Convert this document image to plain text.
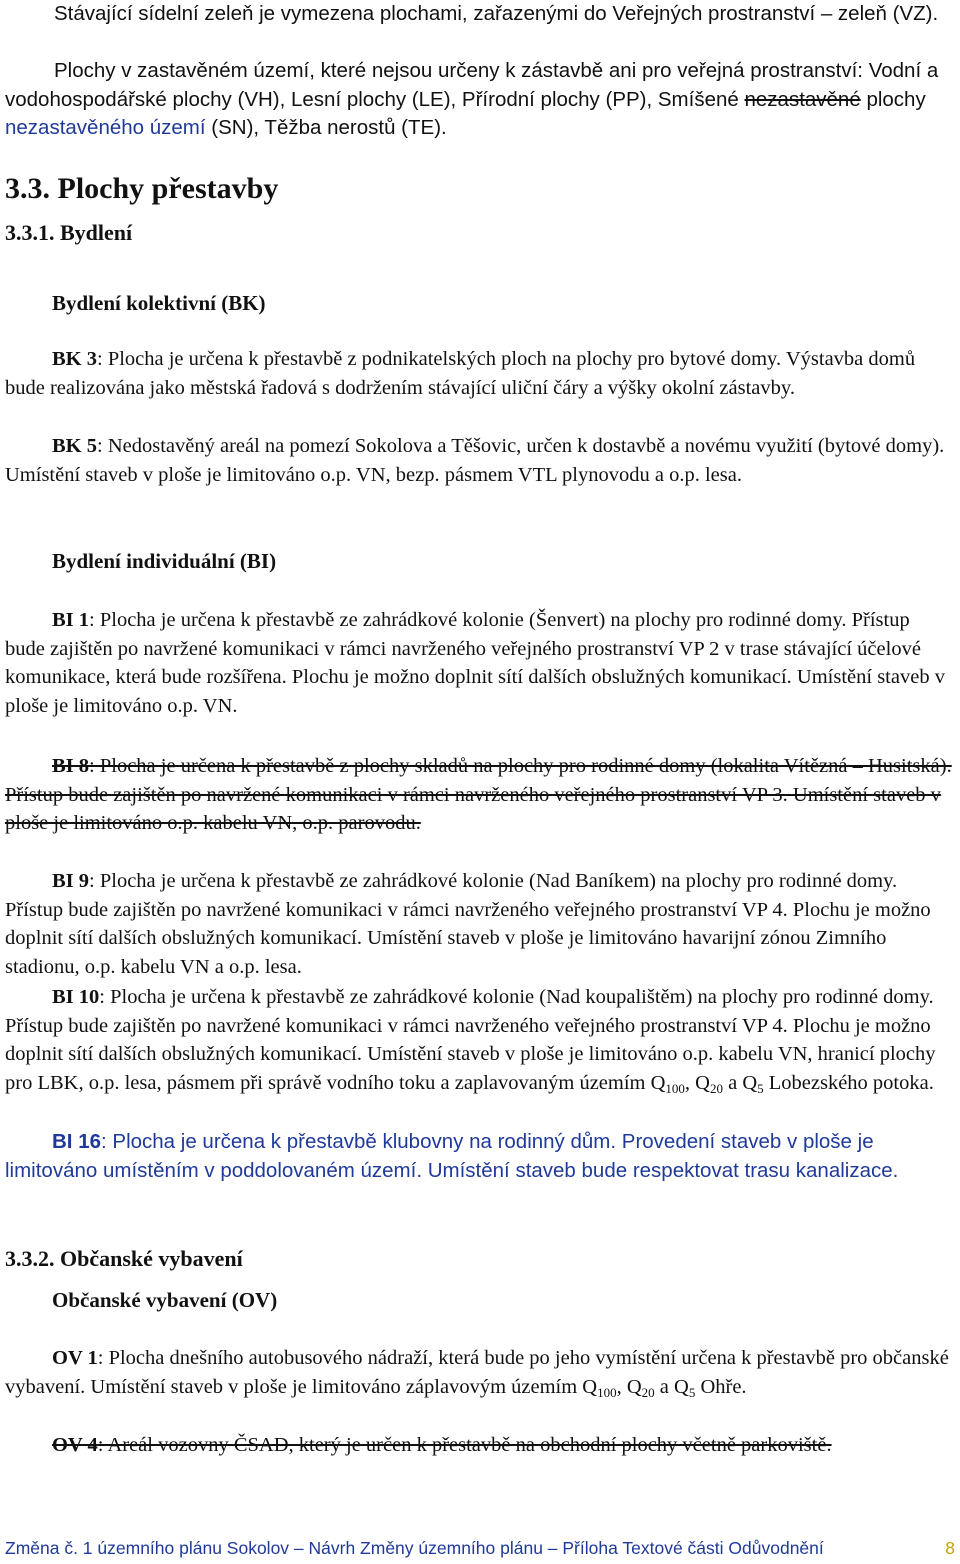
Stávající sídelní zeleň je vymezena plochami, zařazenými do Veřejných prostranství – zeleň (VZ).

Plochy v zastavěném území, které nejsou určeny k zástavbě ani pro veřejná prostranství: Vodní a vodohospodářské plochy (VH), Lesní plochy (LE), Přírodní plochy (PP), Smíšené nezastavěné plochy nezastavěného území (SN), Těžba nerostů (TE).

3.3. Plochy přestavby
3.3.1. Bydlení
Bydlení kolektivní (BK)

BK 3: Plocha je určena k přestavbě z podnikatelských ploch na plochy pro bytové domy. Výstavba domů bude realizována jako městská řadová s dodržením stávající uliční čáry a výšky okolní zástavby.

BK 5: Nedostavěný areál na pomezí Sokolova a Těšovic, určen k dostavbě a novému využití (bytové domy). Umístění staveb v ploše je limitováno o.p. VN, bezp. pásmem VTL plynovodu a o.p. lesa.

Bydlení individuální (BI)

BI 1: Plocha je určena k přestavbě ze zahrádkové kolonie (Šenvert) na plochy pro rodinné domy. Přístup bude zajištěn po navržené komunikaci v rámci navrženého veřejného prostranství VP 2 v trase stávající účelové komunikace, která bude rozšířena. Plochu je možno doplnit sítí dalších obslužných komunikací. Umístění staveb v ploše je limitováno o.p. VN.

BI 8: Plocha je určena k přestavbě z plochy skladů na plochy pro rodinné domy (lokalita Vítězná – Husitská). Přístup bude zajištěn po navržené komunikaci v rámci navrženého veřejného prostranství VP 3. Umístění staveb v ploše je limitováno o.p. kabelu VN, o.p. parovodu.

BI 9: Plocha je určena k přestavbě ze zahrádkové kolonie (Nad Baníkem) na plochy pro rodinné domy. Přístup bude zajištěn po navržené komunikaci v rámci navrženého veřejného prostranství VP 4. Plochu je možno doplnit sítí dalších obslužných komunikací. Umístění staveb v ploše je limitováno havarijní zónou Zimního stadionu, o.p. kabelu VN a o.p. lesa.

BI 10: Plocha je určena k přestavbě ze zahrádkové kolonie (Nad koupalištěm) na plochy pro rodinné domy. Přístup bude zajištěn po navržené komunikaci v rámci navrženého veřejného prostranství VP 4. Plochu je možno doplnit sítí dalších obslužných komunikací. Umístění staveb v ploše je limitováno o.p. kabelu VN, hranicí plochy pro LBK, o.p. lesa, pásmem při správě vodního toku a zaplavovaným územím $Q_{100}$, $Q_{20}$ a $Q_5$ Lobezského potoka.

BI 16: Plocha je určena k přestavbě klubovny na rodinný dům. Provedení staveb v ploše je limitováno umístěním v poddolovaném území. Umístění staveb bude respektovat trasu kanalizace.

3.3.2. Občanské vybavení
Občanské vybavení (OV)

OV 1: Plocha dnešního autobusového nádraží, která bude po jeho vymístění určena k přestavbě pro občanské vybavení. Umístění staveb v ploše je limitováno záplavovým územím $Q_{100}$, $Q_{20}$ a $Q_5$ Ohře.

OV 4: Areál vozovny ČSAD, který je určen k přestavbě na obchodní plochy včetně parkoviště.

Změna č. 1 územního plánu Sokolov – Návrh Změny územního plánu – Příloha Textové části Odůvodnění	8
